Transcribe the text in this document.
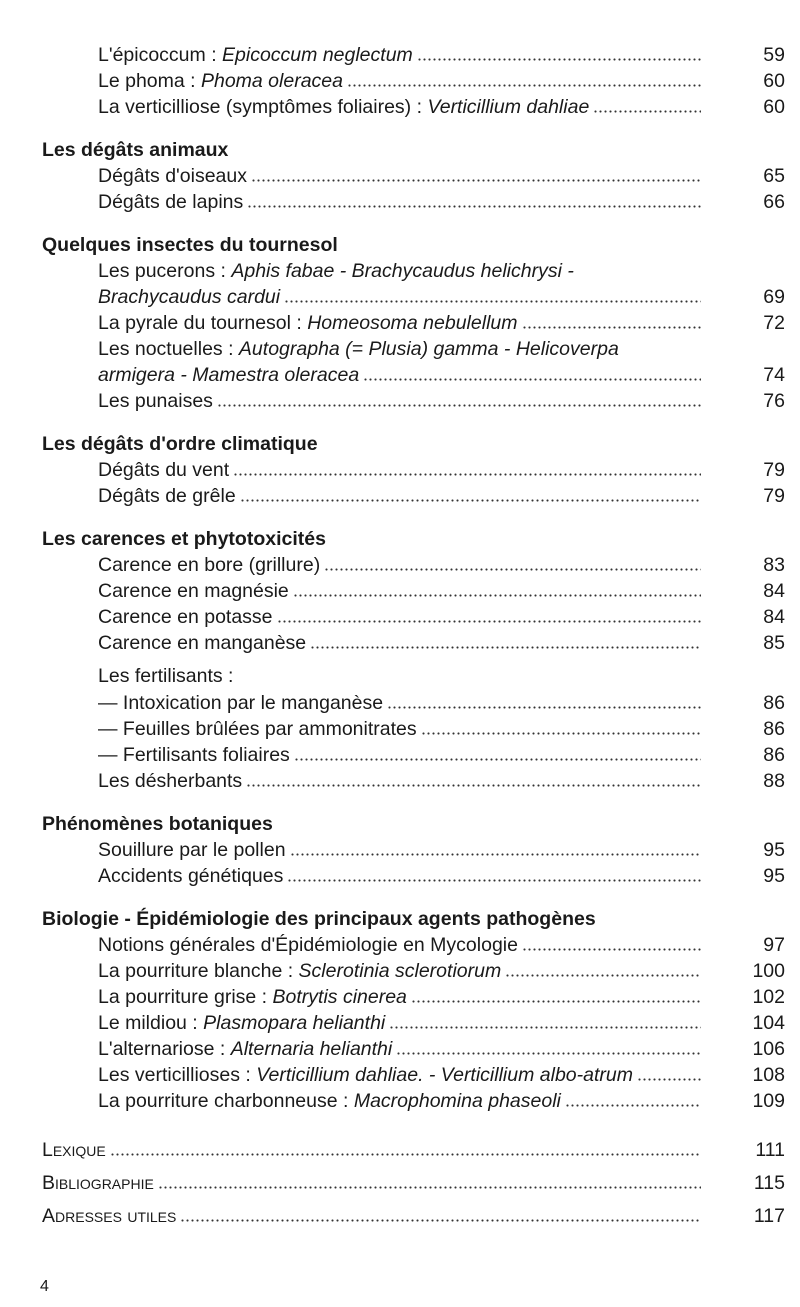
L'épicoccum : Epicoccum neglectum	59
Le phoma : Phoma oleracea	60
La verticilliose (symptômes foliaires) : Verticillium dahliae	60
Les dégâts animaux
Dégâts d'oiseaux	65
Dégâts de lapins	66
Quelques insectes du tournesol
Les pucerons : Aphis fabae - Brachycaudus helichrysi -
Brachycaudus cardui	69
La pyrale du tournesol : Homeosoma nebulellum	72
Les noctuelles : Autographa (= Plusia) gamma - Helicoverpa
armigera - Mamestra oleracea	74
Les punaises	76
Les dégâts d'ordre climatique
Dégâts du vent	79
Dégâts de grêle	79
Les carences et phytotoxicités
Carence en bore (grillure)	83
Carence en magnésie	84
Carence en potasse	84
Carence en manganèse	85
Les fertilisants :
— Intoxication par le manganèse	86
— Feuilles brûlées par ammonitrates	86
— Fertilisants foliaires	86
Les désherbants	88
Phénomènes botaniques
Souillure par le pollen	95
Accidents génétiques	95
Biologie - Épidémiologie des principaux agents pathogènes
Notions générales d'Épidémiologie en Mycologie	97
La pourriture blanche : Sclerotinia sclerotiorum	100
La pourriture grise : Botrytis cinerea	102
Le mildiou : Plasmopara helianthi	104
L'alternariose : Alternaria helianthi	106
Les verticillioses : Verticillium dahliae. - Verticillium albo-atrum	108
La pourriture charbonneuse : Macrophomina phaseoli	109
Lexique	111
Bibliographie	115
Adresses utiles	117
4
